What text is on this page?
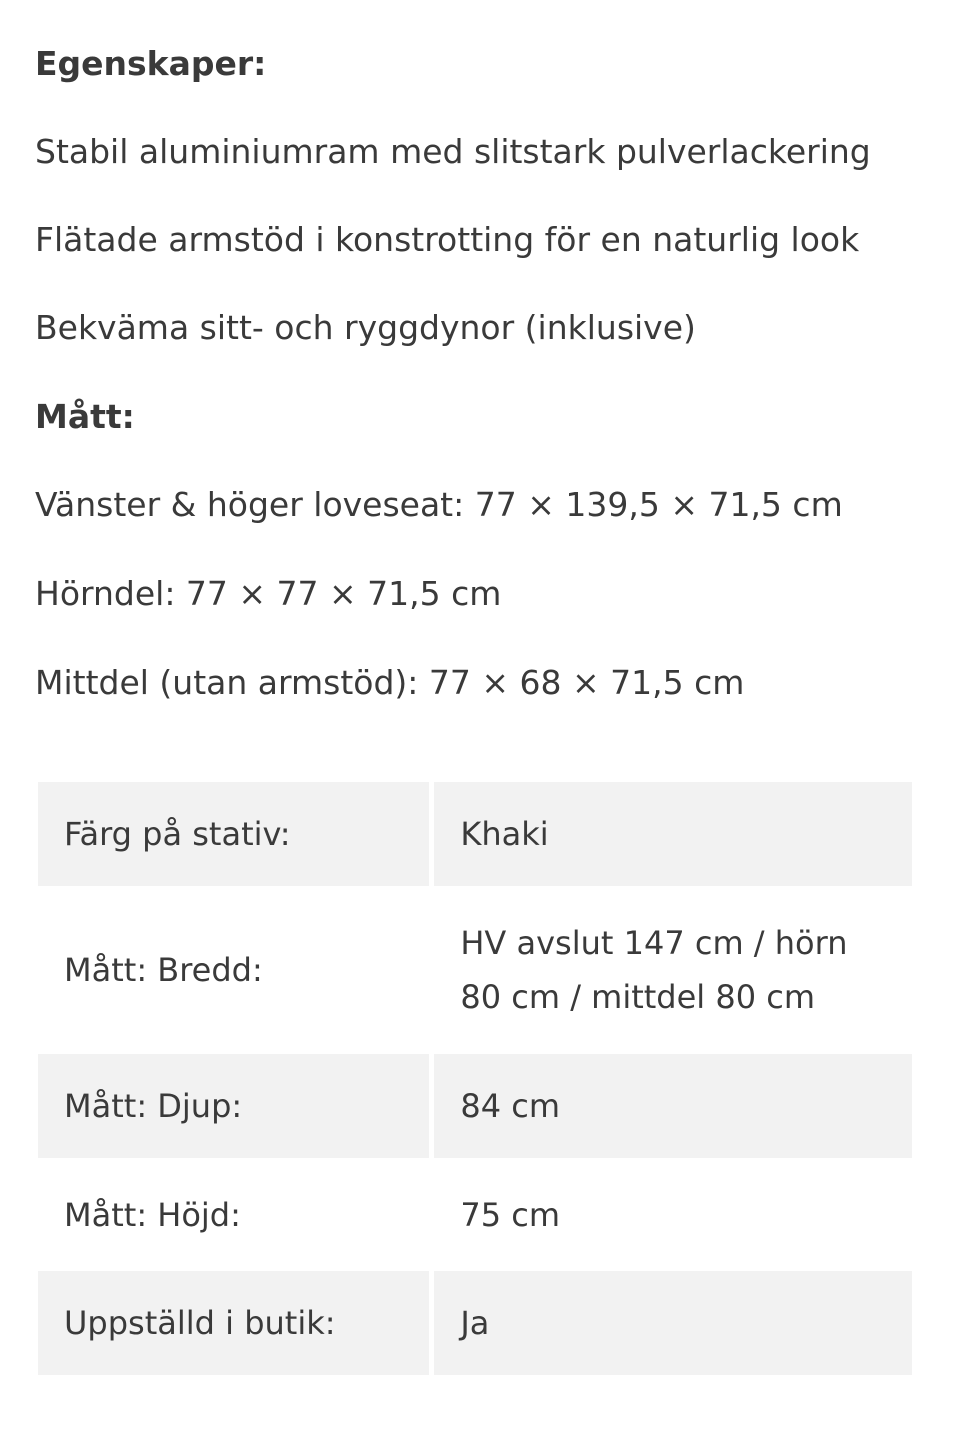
Egenskaper:
Stabil aluminiumram med slitstark pulverlackering
Flätade armstöd i konstrotting för en naturlig look
Bekväma sitt- och ryggdynor (inklusive)
Mått:
Vänster & höger loveseat: 77 × 139,5 × 71,5 cm
Hörndel: 77 × 77 × 71,5 cm
Mittdel (utan armstöd): 77 × 68 × 71,5 cm
Färg på stativ:	Khaki
Mått: Bredd:	HV avslut 147 cm / hörn 80 cm / mittdel 80 cm
Mått: Djup:	84 cm
Mått: Höjd:	75 cm
Uppställd i butik:	Ja
